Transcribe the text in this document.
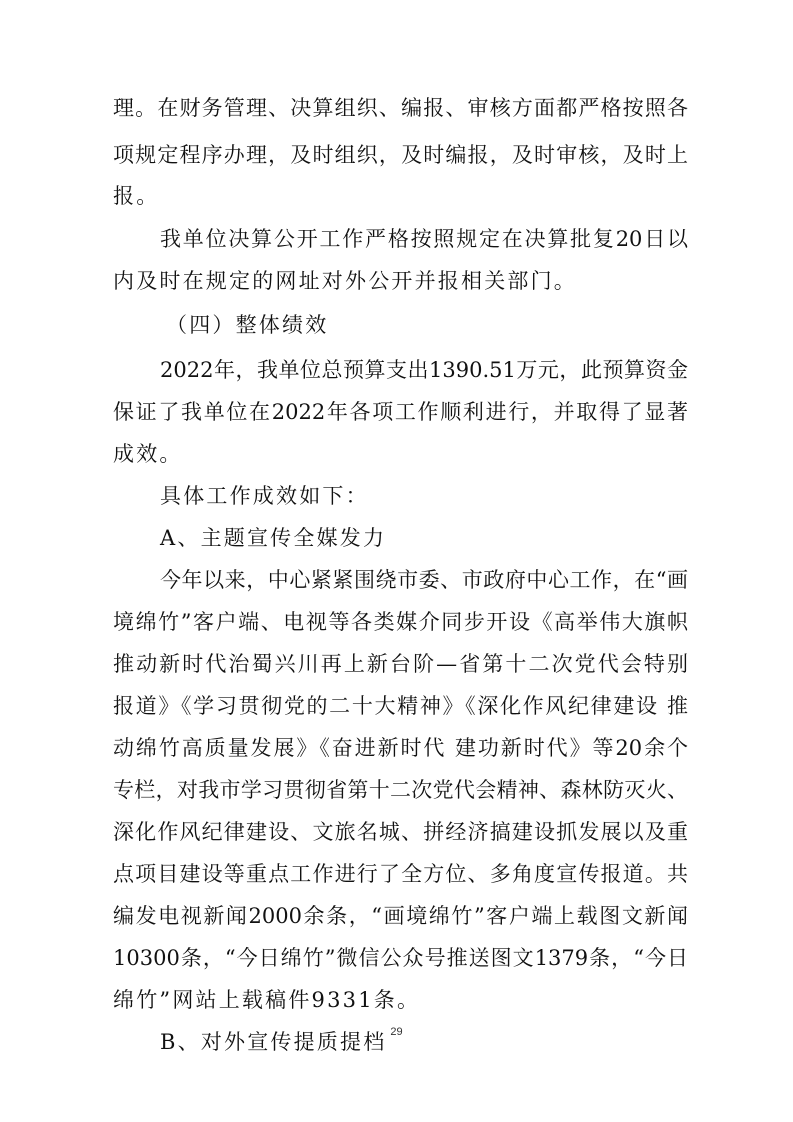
理。在财务管理、决算组织、编报、审核方面都严格按照各
项规定程序办理，及时组织，及时编报，及时审核，及时上
报。
我单位决算公开工作严格按照规定在决算批复20日以
内及时在规定的网址对外公开并报相关部门。
（四）整体绩效
2022年，我单位总预算支出1390.51万元，此预算资金
保证了我单位在2022年各项工作顺利进行，并取得了显著
成效。
具体工作成效如下：
A、主题宣传全媒发力
今年以来，中心紧紧围绕市委、市政府中心工作，在“画
境绵竹”客户端、电视等各类媒介同步开设《高举伟大旗帜
推动新时代治蜀兴川再上新台阶—省第十二次党代会特别
报道》《学习贯彻党的二十大精神》《深化作风纪律建设 推
动绵竹高质量发展》《奋进新时代 建功新时代》等20余个
专栏，对我市学习贯彻省第十二次党代会精神、森林防灭火、
深化作风纪律建设、文旅名城、拼经济搞建设抓发展以及重
点项目建设等重点工作进行了全方位、多角度宣传报道。共
编发电视新闻2000余条，“画境绵竹”客户端上载图文新闻
10300条，“今日绵竹”微信公众号推送图文1379条，“今日
绵竹”网站上载稿件9331条。
B、对外宣传提质提档 29
